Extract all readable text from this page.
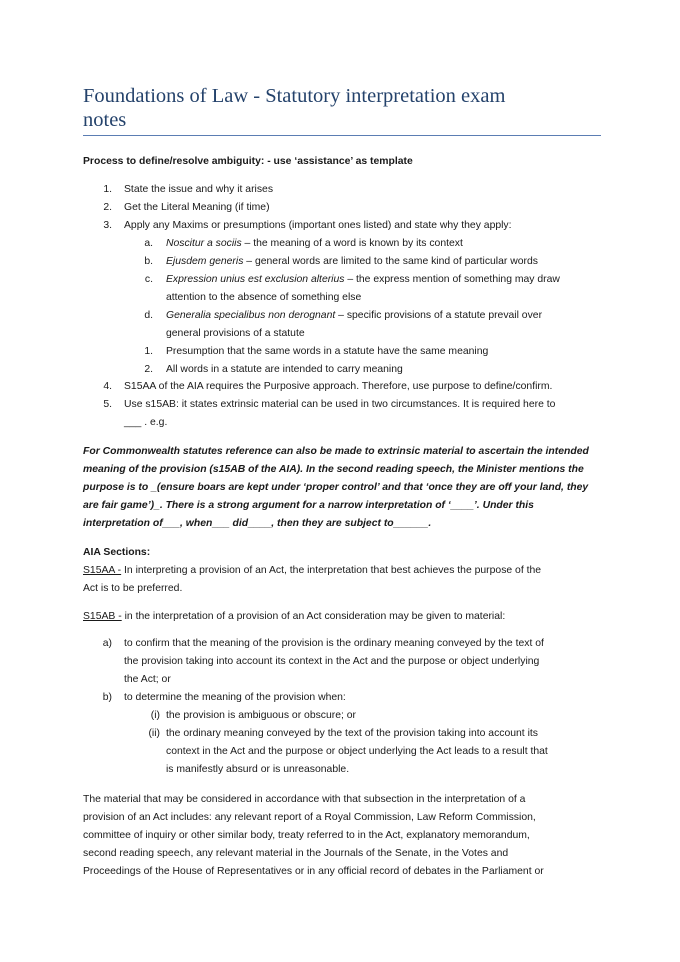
Foundations of Law - Statutory interpretation exam
notes
Process to define/resolve ambiguity: - use ‘assistance’ as template
1. State the issue and why it arises
2. Get the Literal Meaning (if time)
3. Apply any Maxims or presumptions (important ones listed) and state why they apply:
a. Noscitur a sociis – the meaning of a word is known by its context
b. Ejusdem generis – general words are limited to the same kind of particular words
c. Expression unius est exclusion alterius – the express mention of something may draw
attention to the absence of something else
d. Generalia specialibus non derognant – specific provisions of a statute prevail over
general provisions of a statute
1. Presumption that the same words in a statute have the same meaning
2. All words in a statute are intended to carry meaning
4. S15AA of the AIA requires the Purposive approach. Therefore, use purpose to define/confirm.
5. Use s15AB: it states extrinsic material can be used in two circumstances. It is required here to
___ . e.g.
For Commonwealth statutes reference can also be made to extrinsic material to ascertain the intended
meaning of the provision (s15AB of the AIA). In the second reading speech, the Minister mentions the
purpose is to _(ensure boars are kept under ‘proper control’ and that ‘once they are off your land, they
are fair game’)_. There is a strong argument for a narrow interpretation of ‘____’. Under this
interpretation of___, when___ did____, then they are subject to______.
AIA Sections:
S15AA - In interpreting a provision of an Act, the interpretation that best achieves the purpose of the
Act is to be preferred.
S15AB - in the interpretation of a provision of an Act consideration may be given to material:
a) to confirm that the meaning of the provision is the ordinary meaning conveyed by the text of
the provision taking into account its context in the Act and the purpose or object underlying
the Act; or
b) to determine the meaning of the provision when:
(i) the provision is ambiguous or obscure; or
(ii) the ordinary meaning conveyed by the text of the provision taking into account its
context in the Act and the purpose or object underlying the Act leads to a result that
is manifestly absurd or is unreasonable.
The material that may be considered in accordance with that subsection in the interpretation of a
provision of an Act includes: any relevant report of a Royal Commission, Law Reform Commission,
committee of inquiry or other similar body, treaty referred to in the Act, explanatory memorandum,
second reading speech, any relevant material in the Journals of the Senate, in the Votes and
Proceedings of the House of Representatives or in any official record of debates in the Parliament or
